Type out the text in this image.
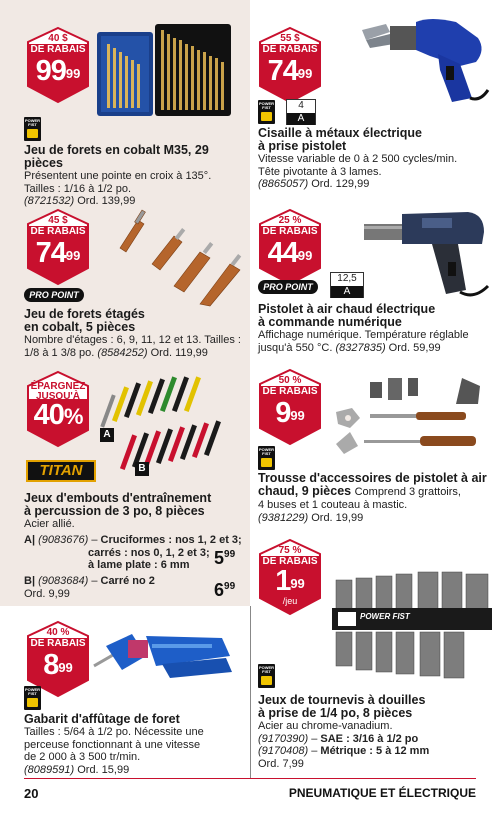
40 $
DE RABAIS
$99^{99}$
POWER FIST
Jeu de forets en cobalt M35, 29 pièces
Présentent une pointe en croix à 135°.
Tailles : 1/16 à 1/2 po.
(8721532) Ord. 139,99
55 $
DE RABAIS
$74^{99}$
POWER FIST	4
A
Cisaille à métaux électrique
à prise pistolet
Vitesse variable de 0 à 2 500 cycles/min.
Tête pivotante à 3 lames.
(8865057) Ord. 129,99
45 $
DE RABAIS
$74^{99}$
PRO POINT
Jeu de forets étagés
en cobalt, 5 pièces
Nombre d'étages : 6, 9, 11, 12 et 13. Tailles :
1/8 à 1 3/8 po. (8584252) Ord. 119,99
25 %
DE RABAIS
$44^{99}$
PRO POINT
12,5
A
Pistolet à air chaud électrique
à commande numérique
Affichage numérique. Température réglable
jusqu'à 550 °C. (8327835) Ord. 59,99
ÉPARGNEZ
JUSQU'À
40%
A
B
TITAN
Jeux d'embouts d'entraînement
à percussion de 3 po, 8 pièces
Acier allié.
A| (9083676) – Cruciformes : nos 1, 2 et 3;
carrés : nos 0, 1, 2 et 3;
à lame plate : 6 mm	$5^{99}$
B| (9083684) – Carré no 2
Ord. 9,99	$6^{99}$
50 %
DE RABAIS
$9^{99}$
POWER FIST
Trousse d'accessoires de pistolet à air
chaud, 9 pièces Comprend 3 grattoirs,
4 buses et 1 couteau à mastic.
(9381229) Ord. 19,99
75 %
DE RABAIS
$1^{99}$
/jeu
POWER FIST
POWER FIST
Jeux de tournevis à douilles
à prise de 1/4 po, 8 pièces
Acier au chrome-vanadium.
(9170390) – SAE : 3/16 à 1/2 po
(9170408) – Métrique : 5 à 12 mm
Ord. 7,99
40 %
DE RABAIS
$8^{99}$
POWER FIST
Gabarit d'affûtage de foret
Tailles : 5/64 à 1/2 po. Nécessite une
perceuse fonctionnant à une vitesse
de 2 000 à 3 500 tr/min.
(8089591) Ord. 15,99
20	PNEUMATIQUE ET ÉLECTRIQUE
